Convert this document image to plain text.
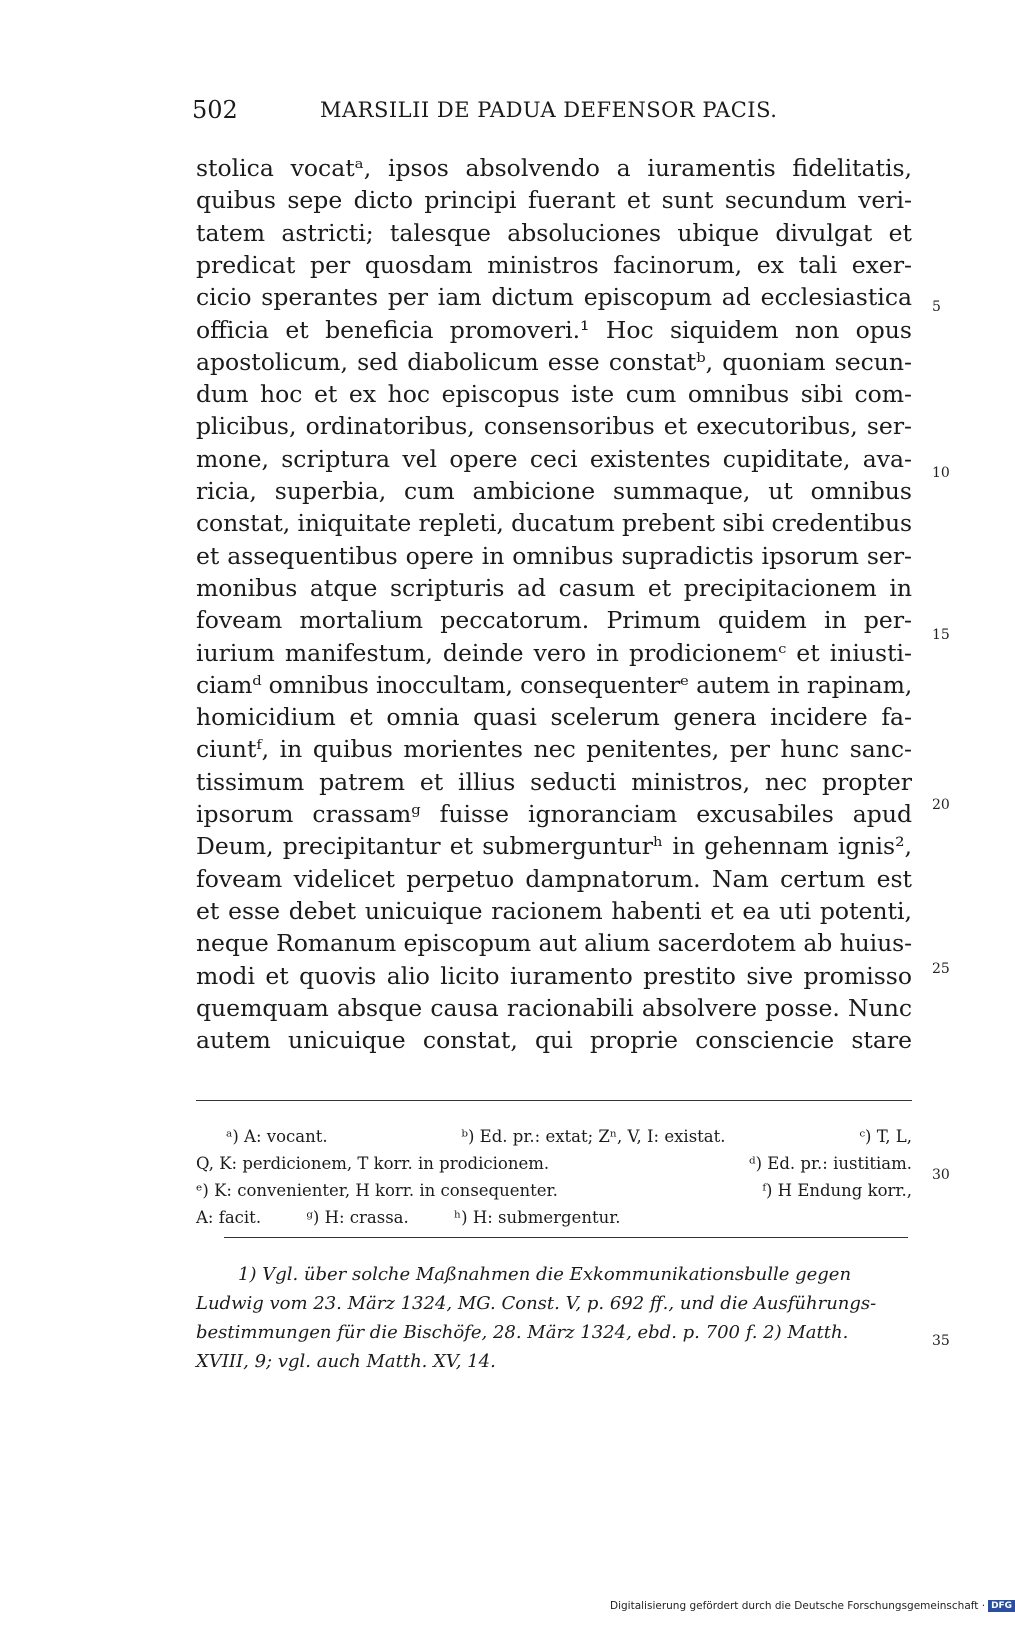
502	MARSILII DE PADUA DEFENSOR PACIS.
stolica vocatᵃ, ipsos absolvendo a iuramentis fidelitatis,
quibus sepe dicto principi fuerant et sunt secundum veri-
tatem astricti; talesque absoluciones ubique divulgat et
predicat per quosdam ministros facinorum, ex tali exer-
cicio sperantes per iam dictum episcopum ad ecclesiastica
officia et beneficia promoveri.¹ Hoc siquidem non opus
apostolicum, sed diabolicum esse constatᵇ, quoniam secun-
dum hoc et ex hoc episcopus iste cum omnibus sibi com-
plicibus, ordinatoribus, consensoribus et executoribus, ser-
mone, scriptura vel opere ceci existentes cupiditate, ava-
ricia, superbia, cum ambicione summaque, ut omnibus
constat, iniquitate repleti, ducatum prebent sibi credentibus
et assequentibus opere in omnibus supradictis ipsorum ser-
monibus atque scripturis ad casum et precipitacionem in
foveam mortalium peccatorum. Primum quidem in per-
iurium manifestum, deinde vero in prodicionemᶜ et iniusti-
ciamᵈ omnibus inoccultam, consequenterᵉ autem in rapinam,
homicidium et omnia quasi scelerum genera incidere fa-
ciuntᶠ, in quibus morientes nec penitentes, per hunc sanc-
tissimum patrem et illius seducti ministros, nec propter
ipsorum crassamᵍ fuisse ignoranciam excusabiles apud
Deum, precipitantur et submergunturʰ in gehennam ignis²,
foveam videlicet perpetuo dampnatorum. Nam certum est
et esse debet unicuique racionem habenti et ea uti potenti,
neque Romanum episcopum aut alium sacerdotem ab huius-
modi et quovis alio licito iuramento prestito sive promisso
quemquam absque causa racionabili absolvere posse. Nunc
autem unicuique constat, qui proprie consciencie stare
5
10
15
20
25
30
35
ᵃ) A: vocant.	ᵇ) Ed. pr.: extat; Zⁿ, V, I: existat.	ᶜ) T, L,
Q, K: perdicionem, T korr. in prodicionem.	ᵈ) Ed. pr.: iustitiam.
ᵉ) K: convenienter, H korr. in consequenter.	ᶠ) H Endung korr.,
A: facit.	ᵍ) H: crassa.	ʰ) H: submergentur.
1) Vgl. über solche Maßnahmen die Exkommunikationsbulle gegen
Ludwig vom 23. März 1324, MG. Const. V, p. 692 ff., und die Ausführungs-
bestimmungen für die Bischöfe, 28. März 1324, ebd. p. 700 f. 2) Matth.
XVIII, 9; vgl. auch Matth. XV, 14.
Digitalisierung gefördert durch die Deutsche Forschungsgemeinschaft · DFG
